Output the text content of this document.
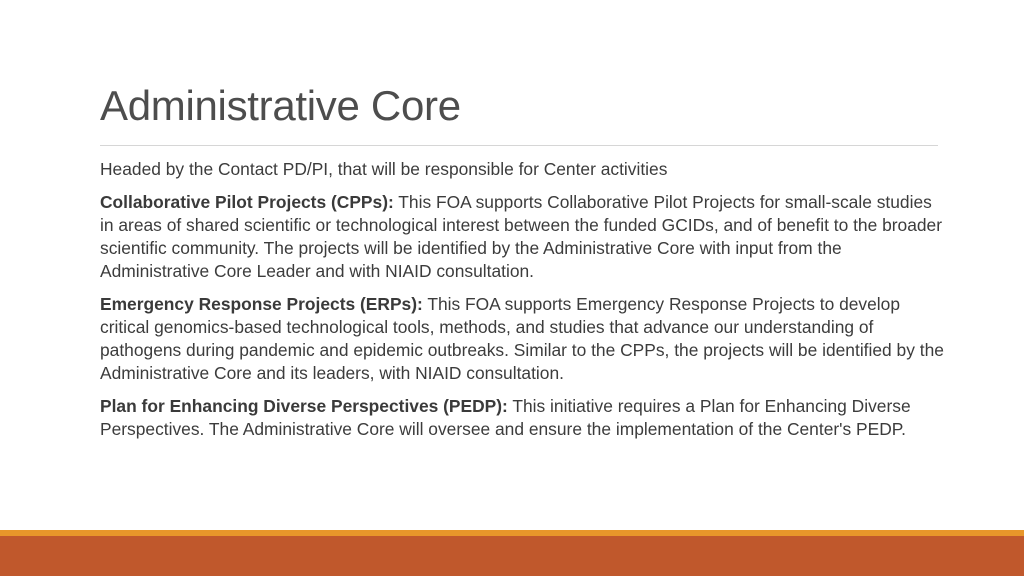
Administrative Core

Headed by the Contact PD/PI, that will be responsible for Center activities

Collaborative Pilot Projects (CPPs): This FOA supports Collaborative Pilot Projects for small-scale studies in areas of shared scientific or technological interest between the funded GCIDs, and of benefit to the broader scientific community. The projects will be identified by the Administrative Core with input from the Administrative Core Leader and with NIAID consultation.

Emergency Response Projects (ERPs): This FOA supports Emergency Response Projects to develop critical genomics-based technological tools, methods, and studies that advance our understanding of pathogens during pandemic and epidemic outbreaks. Similar to the CPPs, the projects will be identified by the Administrative Core and its leaders, with NIAID consultation.

Plan for Enhancing Diverse Perspectives (PEDP): This initiative requires a Plan for Enhancing Diverse Perspectives. The Administrative Core will oversee and ensure the implementation of the Center's PEDP.
